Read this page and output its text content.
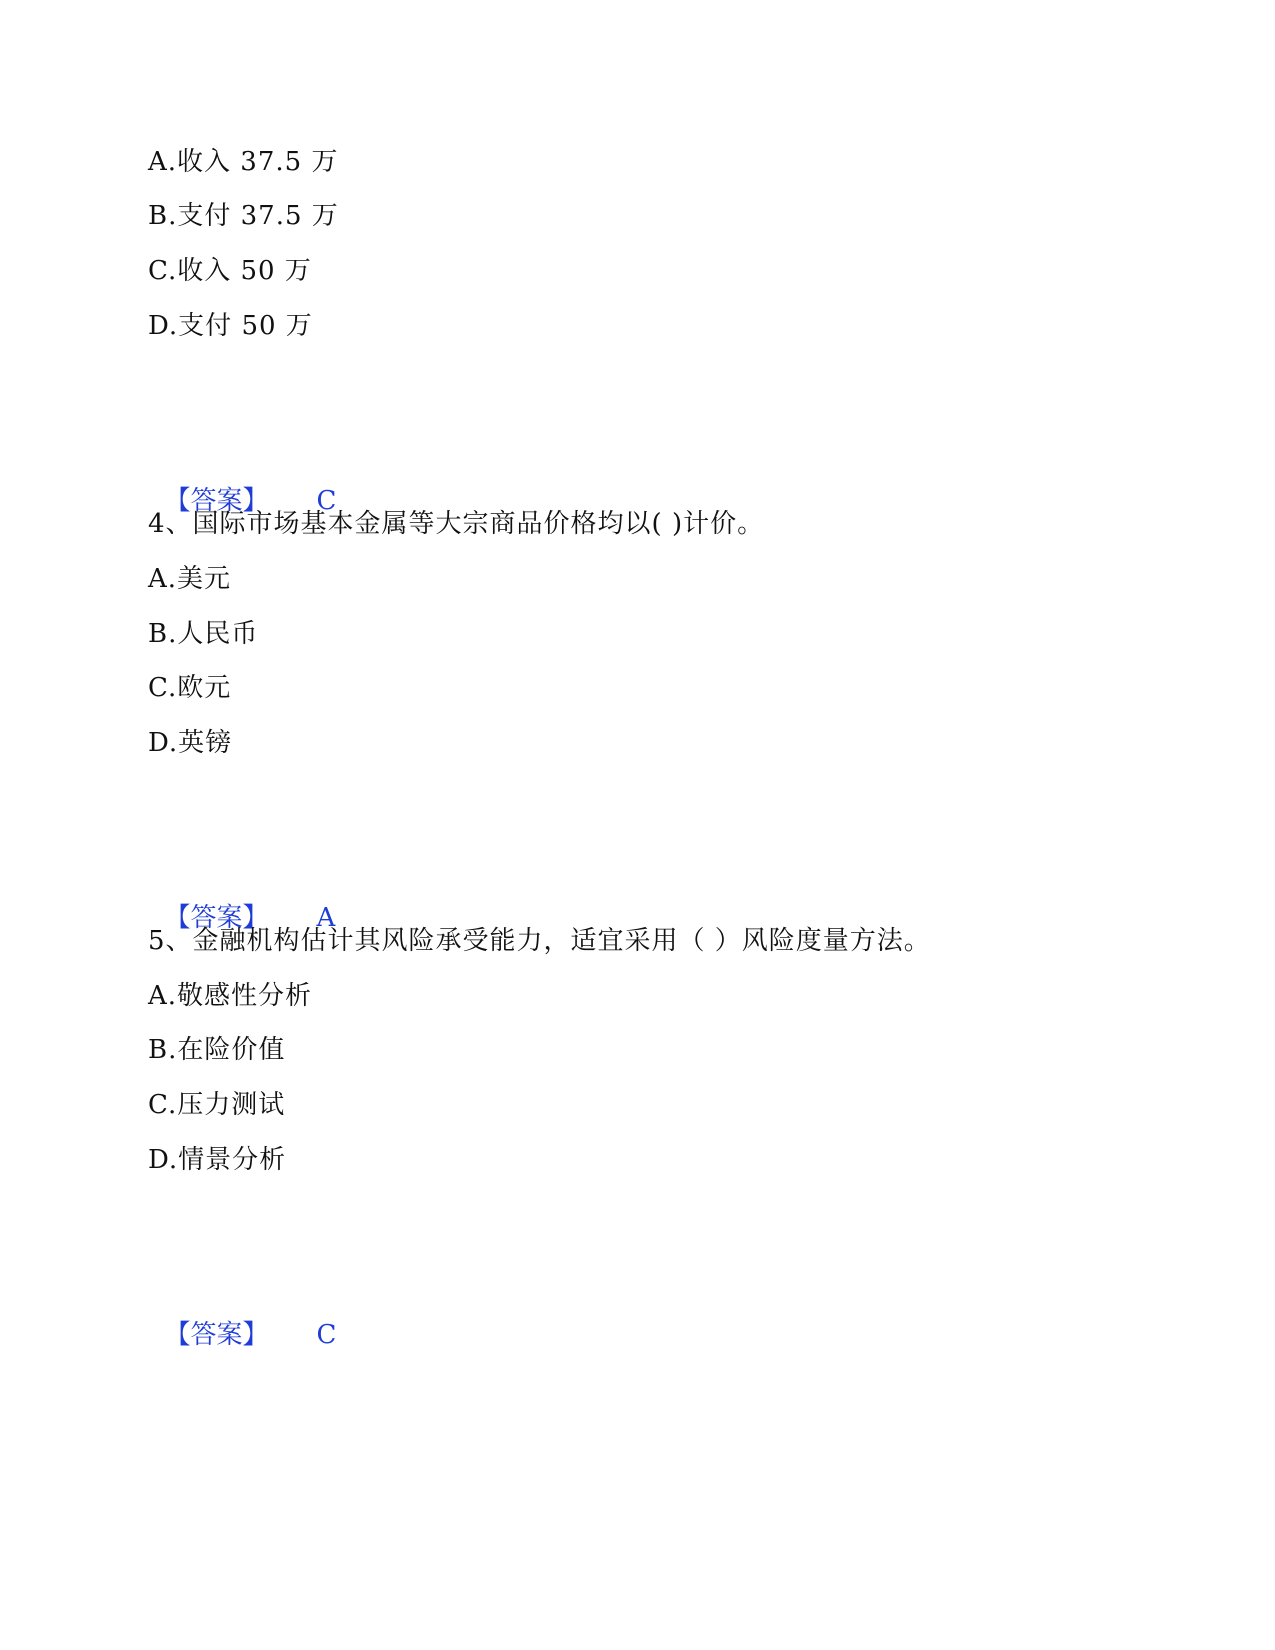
A.收入 37.5 万
B.支付 37.5 万
C.收入 50 万
D.支付 50 万

【答案】 C

4、国际市场基本金属等大宗商品价格均以( )计价。
A.美元
B.人民币
C.欧元
D.英镑

【答案】 A

5、金融机构估计其风险承受能力，适宜采用（ ）风险度量方法。
A.敬感性分析
B.在险价值
C.压力测试
D.情景分析

【答案】 C
